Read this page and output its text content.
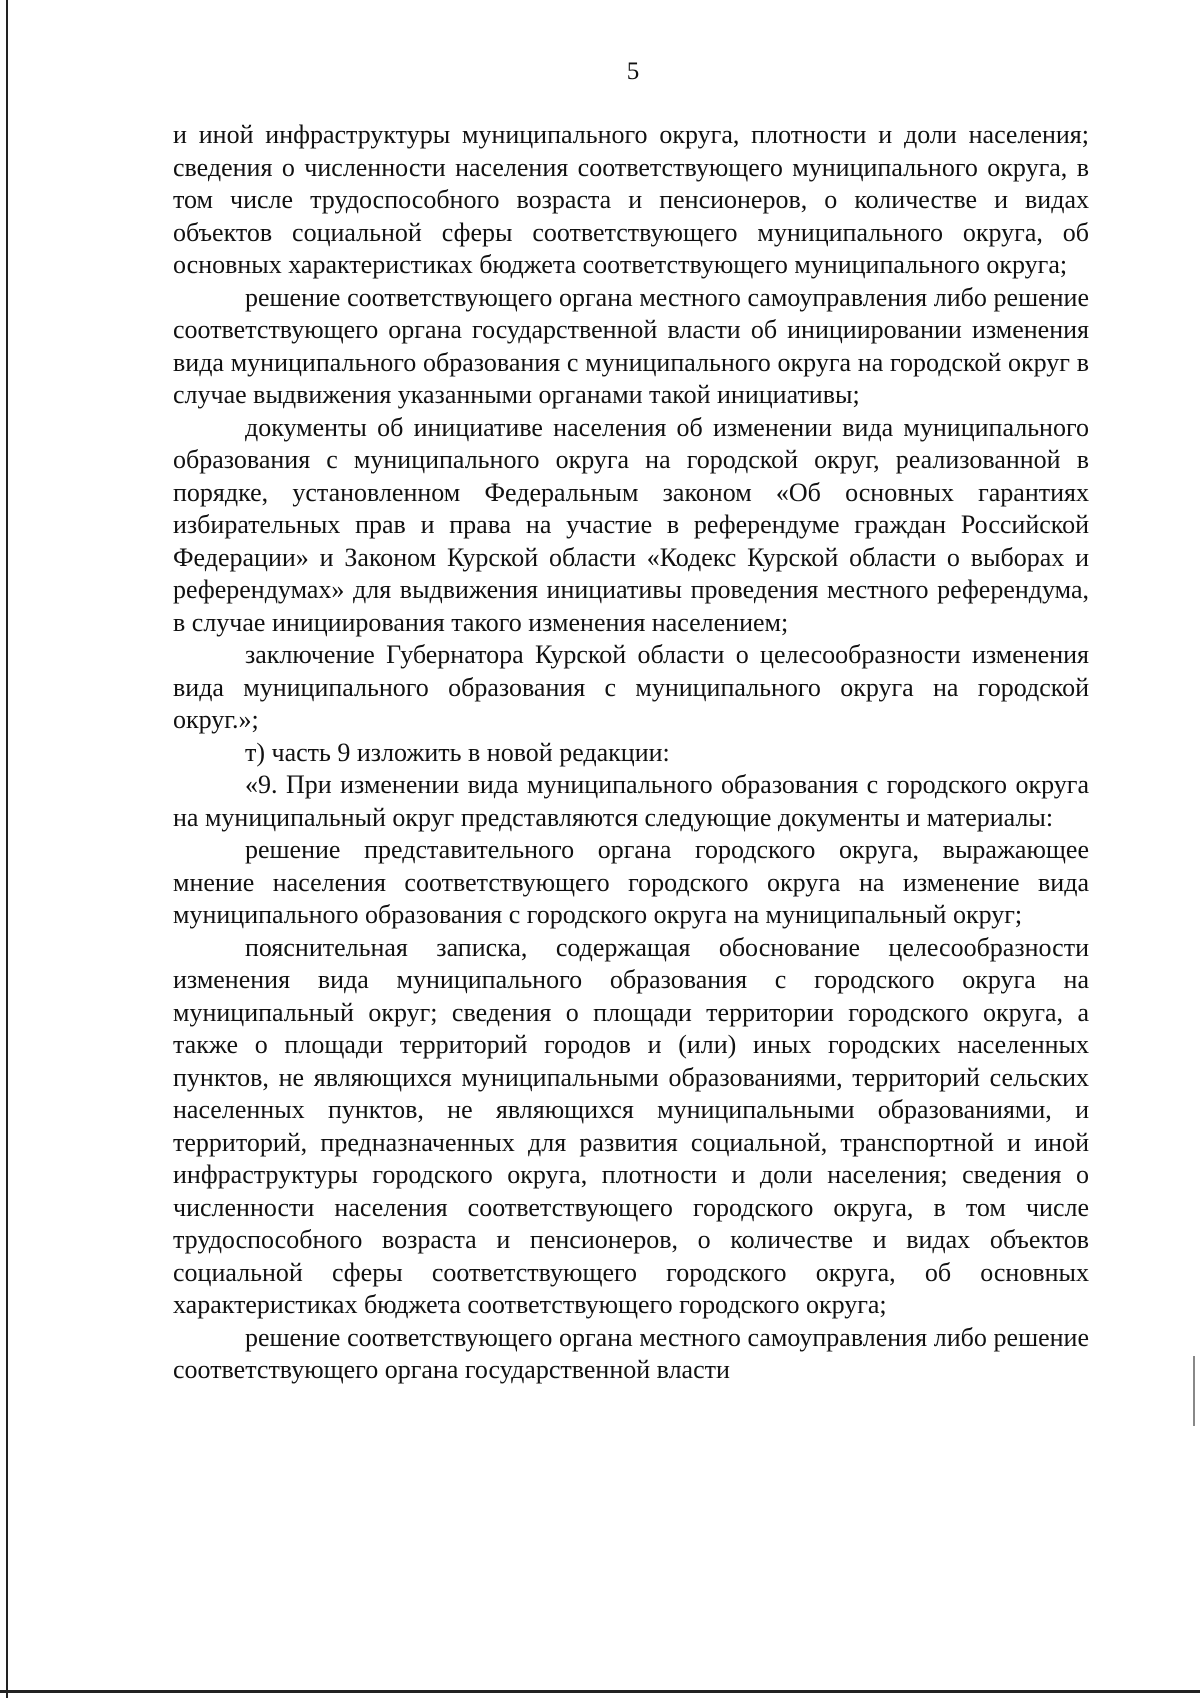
5

и иной инфраструктуры муниципального округа, плотности и доли населения; сведения о численности населения соответствующего муниципального округа, в том числе трудоспособного возраста и пенсионеров, о количестве и видах объектов социальной сферы соответствующего муниципального округа, об основных характеристиках бюджета соответствующего муниципального округа;

решение соответствующего органа местного самоуправления либо решение соответствующего органа государственной власти об инициировании изменения вида муниципального образования с муниципального округа на городской округ в случае выдвижения указанными органами такой инициативы;

документы об инициативе населения об изменении вида муниципального образования с муниципального округа на городской округ, реализованной в порядке, установленном Федеральным законом «Об основных гарантиях избирательных прав и права на участие в референдуме граждан Российской Федерации» и Законом Курской области «Кодекс Курской области о выборах и референдумах» для выдвижения инициативы проведения местного референдума, в случае инициирования такого изменения населением;

заключение Губернатора Курской области о целесообразности изменения вида муниципального образования с муниципального округа на городской округ.»;

т) часть 9 изложить в новой редакции:

«9. При изменении вида муниципального образования с городского округа на муниципальный округ представляются следующие документы и материалы:

решение представительного органа городского округа, выражающее мнение населения соответствующего городского округа на изменение вида муниципального образования с городского округа на муниципальный округ;

пояснительная записка, содержащая обоснование целесообразности изменения вида муниципального образования с городского округа на муниципальный округ; сведения о площади территории городского округа, а также о площади территорий городов и (или) иных городских населенных пунктов, не являющихся муниципальными образованиями, территорий сельских населенных пунктов, не являющихся муниципальными образованиями, и территорий, предназначенных для развития социальной, транспортной и иной инфраструктуры городского округа, плотности и доли населения; сведения о численности населения соответствующего городского округа, в том числе трудоспособного возраста и пенсионеров, о количестве и видах объектов социальной сферы соответствующего городского округа, об основных характеристиках бюджета соответствующего городского округа;

решение соответствующего органа местного самоуправления либо решение соответствующего органа государственной власти
